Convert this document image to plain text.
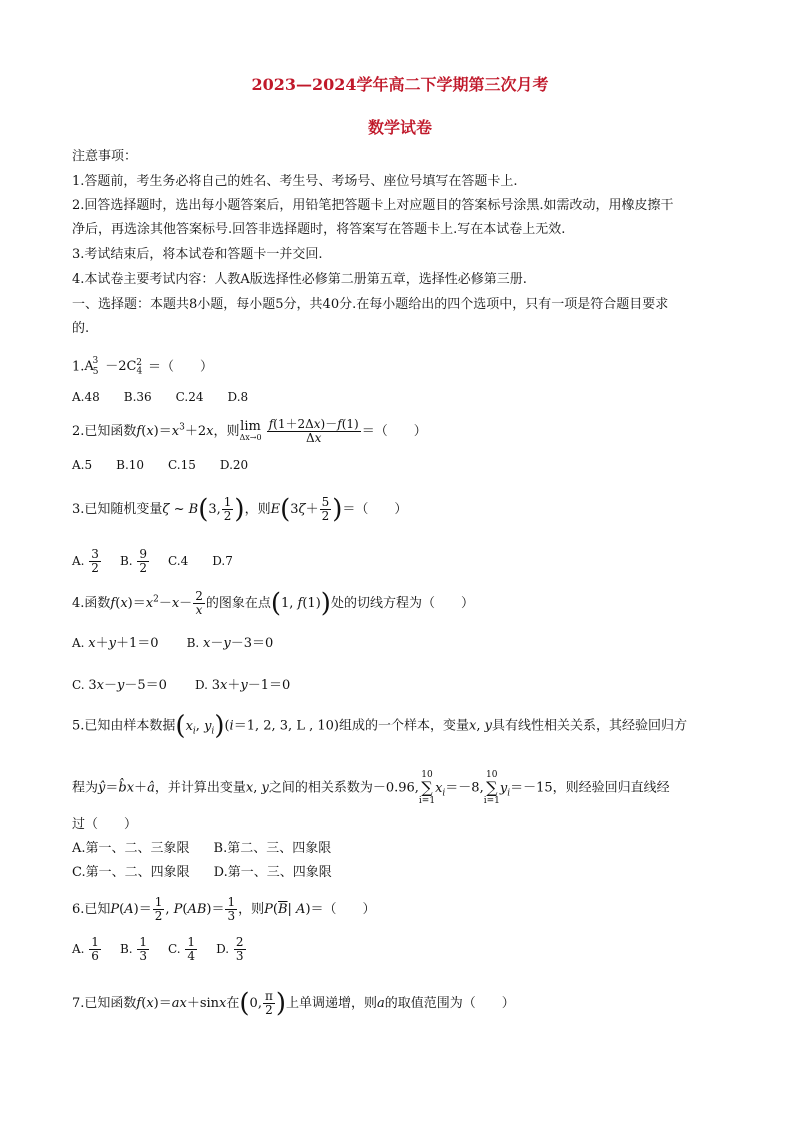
2023—2024学年高二下学期第三次月考
数学试卷
注意事项：
1.答题前，考生务必将自己的姓名、考生号、考场号、座位号填写在答题卡上.
2.回答选择题时，选出每小题答案后，用铅笔把答题卡上对应题目的答案标号涂黑.如需改动，用橡皮擦干
净后，再选涂其他答案标号.回答非选择题时，将答案写在答题卡上.写在本试卷上无效.
3.考试结束后，将本试卷和答题卡一并交回.
4.本试卷主要考试内容：人教A版选择性必修第二册第五章，选择性必修第三册.
一、选择题：本题共8小题，每小题5分，共40分.在每小题给出的四个选项中，只有一项是符合题目要求
的.
$1.A_5^3 -2C_4^2$ ＝（　　）
A.48 B.36 C.24 D.8
2.已知函数$f(x)=x^3+2x$，则 lim
Δx→0
$\frac{f(1+2\Delta x)-f(1)}{\Delta x}$ ＝（　　）
A.5 B.10 C.15 D.20
3.已知随机变量ζ ~ B(3, $\frac{1}{2}$ )，则$E(3\zeta+ \frac{5}{2}$ )＝（　　）
A. $\frac{3}{2} B$. $\frac{9}{2} C.4$ D.7
4.函数$f(x)=x^2-x- \frac{2}{x}$ 的图象在点(1, f(1))处的切线方程为（　　）
A. x＋y＋1＝0 B. x－y－3＝0
C. 3x－y－5＝0 D. 3x＋y－1＝0
5.已知由样本数据($x_i$, $y_i)(i=1$, 2, 3, L , 10)组成的一个样本，变量x, y具有线性相关关系，其经验回归方
程为ŷ＝b̂x＋â，并计算出变量x, y之间的相关系数为－0.96,
10
∑
i=1
$x_i=-8$,
10
∑
i=1
$y_i=-15$，则经验回归直线经
过（　　）
A.第一、二、三象限 B.第二、三、四象限
C.第一、二、四象限 D.第一、三、四象限
6.已知$P(A)= \frac{1}{2}$ , $P(AB)= \frac{1}{3}$ ，则$P(\overline{B}|$ A)＝（　　）
A. $\frac{1}{6} B$. $\frac{1}{3} C$. $\frac{1}{4} D$. $\frac{2}{3}$
7.已知函数f(x)＝ax＋sinx在(0, $\frac{\pi}{2}$ )上单调递增，则a的取值范围为（　　）
